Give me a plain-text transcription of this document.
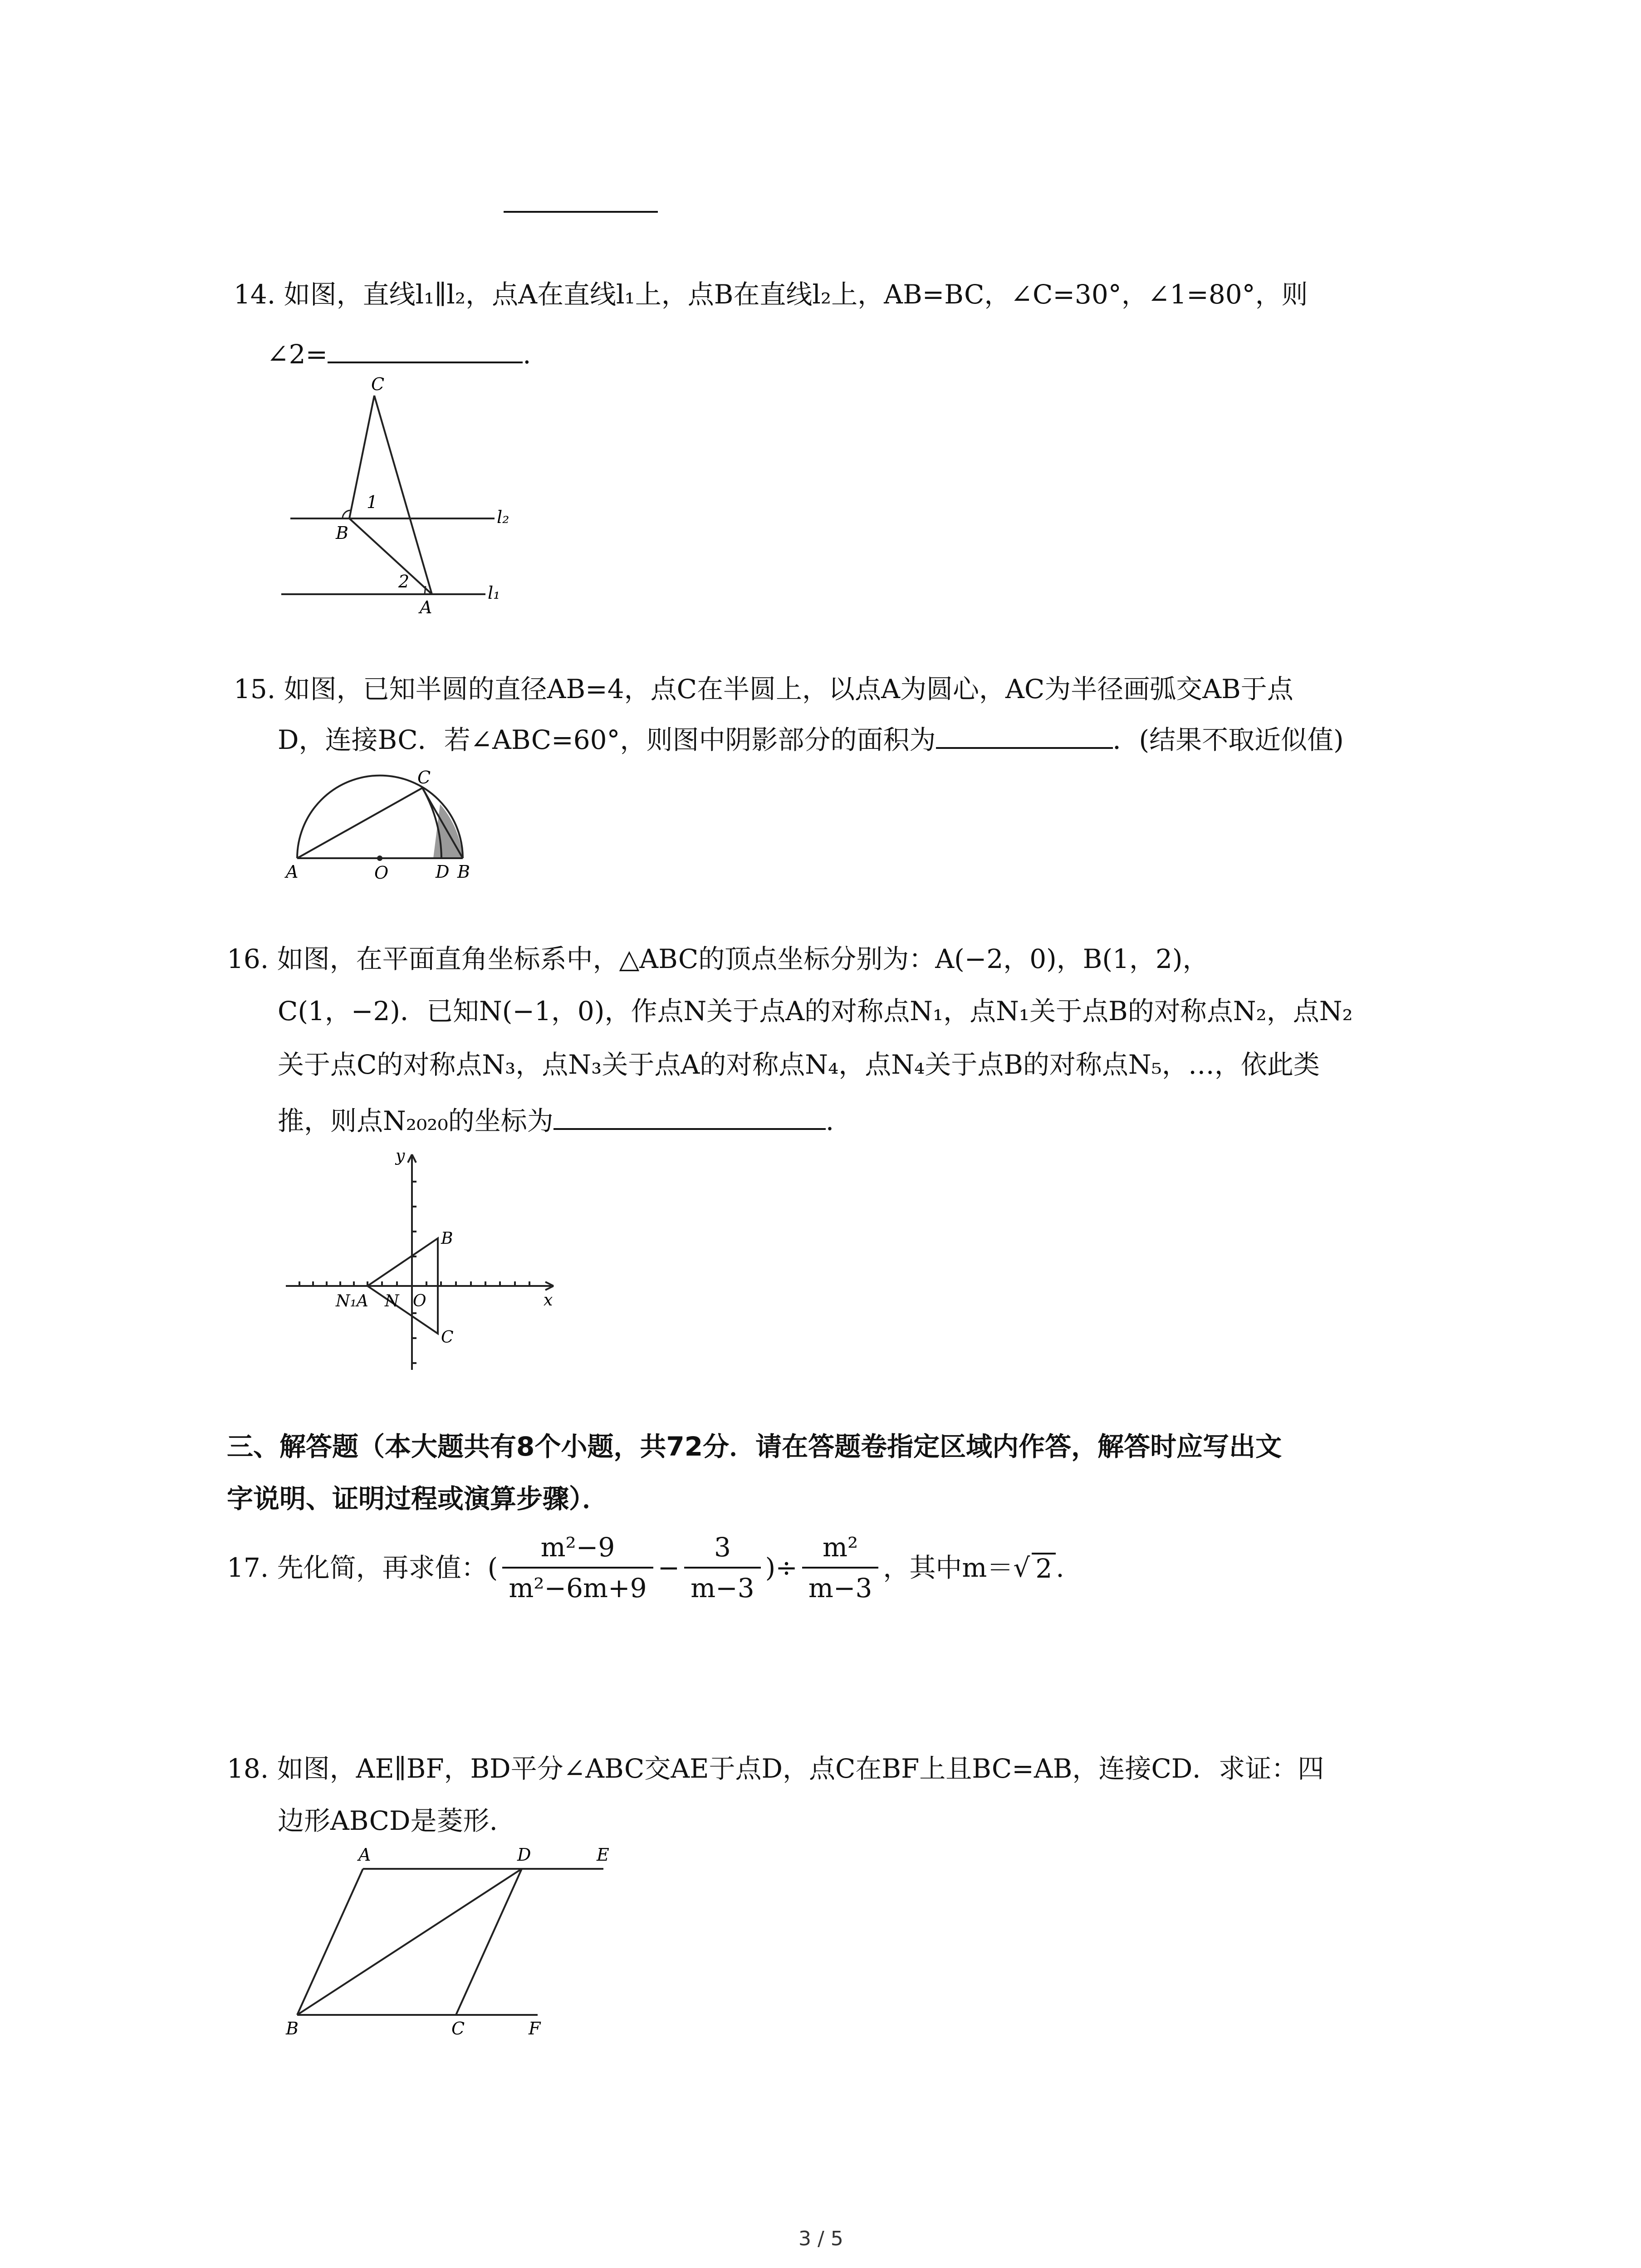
14. 如图，直线l₁∥l₂，点A在直线l₁上，点B在直线l₂上，AB=BC，∠C=30°，∠1=80°，则
∠2=	.
C
1
B
2
A
l₂
l₁
15. 如图，已知半圆的直径AB=4，点C在半圆上，以点A为圆心，AC为半径画弧交AB于点
D，连接BC．若∠ABC=60°，则图中阴影部分的面积为	．(结果不取近似值)
C
A	O	D B
16. 如图，在平面直角坐标系中，△ABC的顶点坐标分别为：A(−2，0)，B(1，2)，
C(1，−2)．已知N(−1，0)，作点N关于点A的对称点N₁，点N₁关于点B的对称点N₂，点N₂
关于点C的对称点N₃，点N₃关于点A的对称点N₄，点N₄关于点B的对称点N₅，…，依此类
推，则点N₂₀₂₀的坐标为	.
y
x
B
C
N₁A N O
三、解答题（本大题共有8个小题，共72分．请在答题卷指定区域内作答，解答时应写出文
字说明、证明过程或演算步骤）．
17. 先化简，再求值：( $\frac{\text{m²−9}}{\text{m²−6m+9}} - \frac{3}{m-3}$ )÷ $\frac{\text{m²}}{m-3}$ ，其中m＝√ 2 .
18. 如图，AE∥BF，BD平分∠ABC交AE于点D，点C在BF上且BC=AB，连接CD．求证：四
边形ABCD是菱形.
A	D	E
B	C	F
3 / 5
